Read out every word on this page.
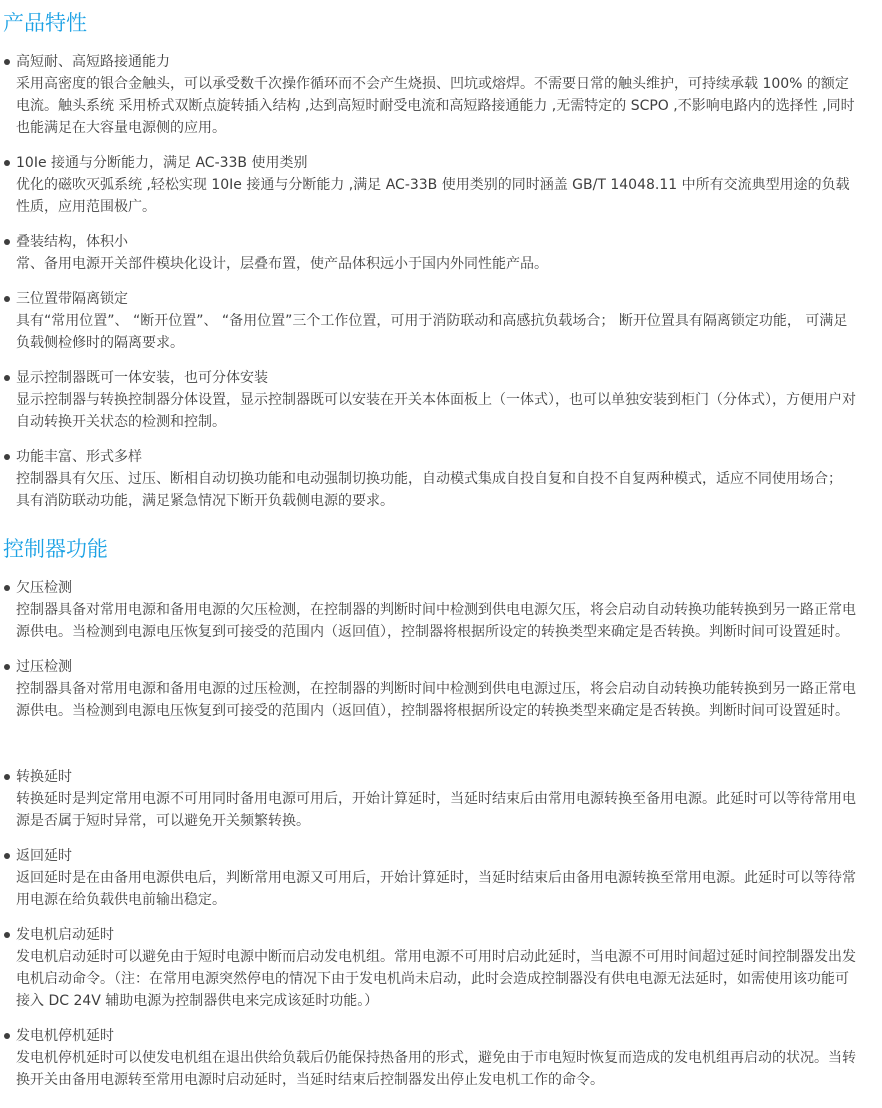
产品特性

高短耐、高短路接通能力

采用高密度的银合金触头，可以承受数千次操作循环而不会产生烧损、凹坑或熔焊。不需要日常的触头维护，可持续承载 100% 的额定电流。触头系统 采用桥式双断点旋转插入结构 ,达到高短时耐受电流和高短路接通能力 ,无需特定的 SCPO ,不影响电路内的选择性 ,同时也能满足在大容量电源侧的应用。

10Ie 接通与分断能力，满足 AC-33B 使用类别

优化的磁吹灭弧系统 ,轻松实现 10Ie 接通与分断能力 ,满足 AC-33B 使用类别的同时涵盖 GB/T 14048.11 中所有交流典型用途的负载性质，应用范围极广。

叠装结构，体积小

常、备用电源开关部件模块化设计，层叠布置，使产品体积远小于国内外同性能产品。

三位置带隔离锁定

具有“常用位置”、 “断开位置”、 “备用位置”三个工作位置，可用于消防联动和高感抗负载场合； 断开位置具有隔离锁定功能， 可满足负载侧检修时的隔离要求。

显示控制器既可一体安装，也可分体安装

显示控制器与转换控制器分体设置，显示控制器既可以安装在开关本体面板上（一体式），也可以单独安装到柜门（分体式），方便用户对自动转换开关状态的检测和控制。

功能丰富、形式多样

控制器具有欠压、过压、断相自动切换功能和电动强制切换功能，自动模式集成自投自复和自投不自复两种模式，适应不同使用场合； 具有消防联动功能，满足紧急情况下断开负载侧电源的要求。

控制器功能

欠压检测

控制器具备对常用电源和备用电源的欠压检测，在控制器的判断时间中检测到供电电源欠压，将会启动自动转换功能转换到另一路正常电源供电。当检测到电源电压恢复到可接受的范围内（返回值），控制器将根据所设定的转换类型来确定是否转换。判断时间可设置延时。

过压检测

控制器具备对常用电源和备用电源的过压检测，在控制器的判断时间中检测到供电电源过压，将会启动自动转换功能转换到另一路正常电源供电。当检测到电源电压恢复到可接受的范围内（返回值），控制器将根据所设定的转换类型来确定是否转换。判断时间可设置延时。

转换延时

转换延时是判定常用电源不可用同时备用电源可用后，开始计算延时，当延时结束后由常用电源转换至备用电源。此延时可以等待常用电源是否属于短时异常，可以避免开关频繁转换。

返回延时

返回延时是在由备用电源供电后，判断常用电源又可用后，开始计算延时，当延时结束后由备用电源转换至常用电源。此延时可以等待常用电源在给负载供电前输出稳定。

发电机启动延时

发电机启动延时可以避免由于短时电源中断而启动发电机组。常用电源不可用时启动此延时，当电源不可用时间超过延时间控制器发出发电机启动命令。（注：在常用电源突然停电的情况下由于发电机尚未启动，此时会造成控制器没有供电电源无法延时，如需使用该功能可接入 DC 24V 辅助电源为控制器供电来完成该延时功能。）

发电机停机延时

发电机停机延时可以使发电机组在退出供给负载后仍能保持热备用的形式，避免由于市电短时恢复而造成的发电机组再启动的状况。当转换开关由备用电源转至常用电源时启动延时，当延时结束后控制器发出停止发电机工作的命令。
